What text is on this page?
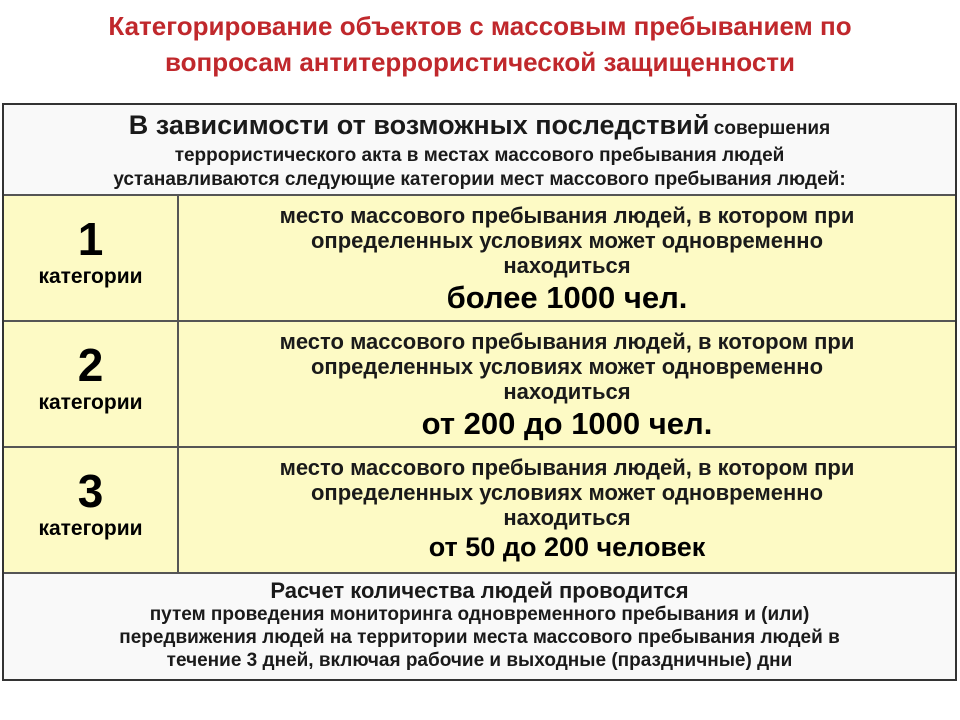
Категорирование объектов с массовым пребыванием по
вопросам антитеррористической защищенности
В зависимости от возможных последствий совершения
террористического акта в местах массового пребывания людей
устанавливаются следующие категории мест массового пребывания людей:
1
категории
место массового пребывания людей, в котором при
определенных условиях может одновременно
находиться
более 1000 чел.
2
категории
место массового пребывания людей, в котором при
определенных условиях может одновременно
находиться
от 200 до 1000 чел.
3
категории
место массового пребывания людей, в котором при
определенных условиях может одновременно
находиться
от 50 до 200 человек
Расчет количества людей проводится
путем проведения мониторинга одновременного пребывания и (или)
передвижения людей на территории места массового пребывания людей в
течение 3 дней, включая рабочие и выходные (праздничные) дни
